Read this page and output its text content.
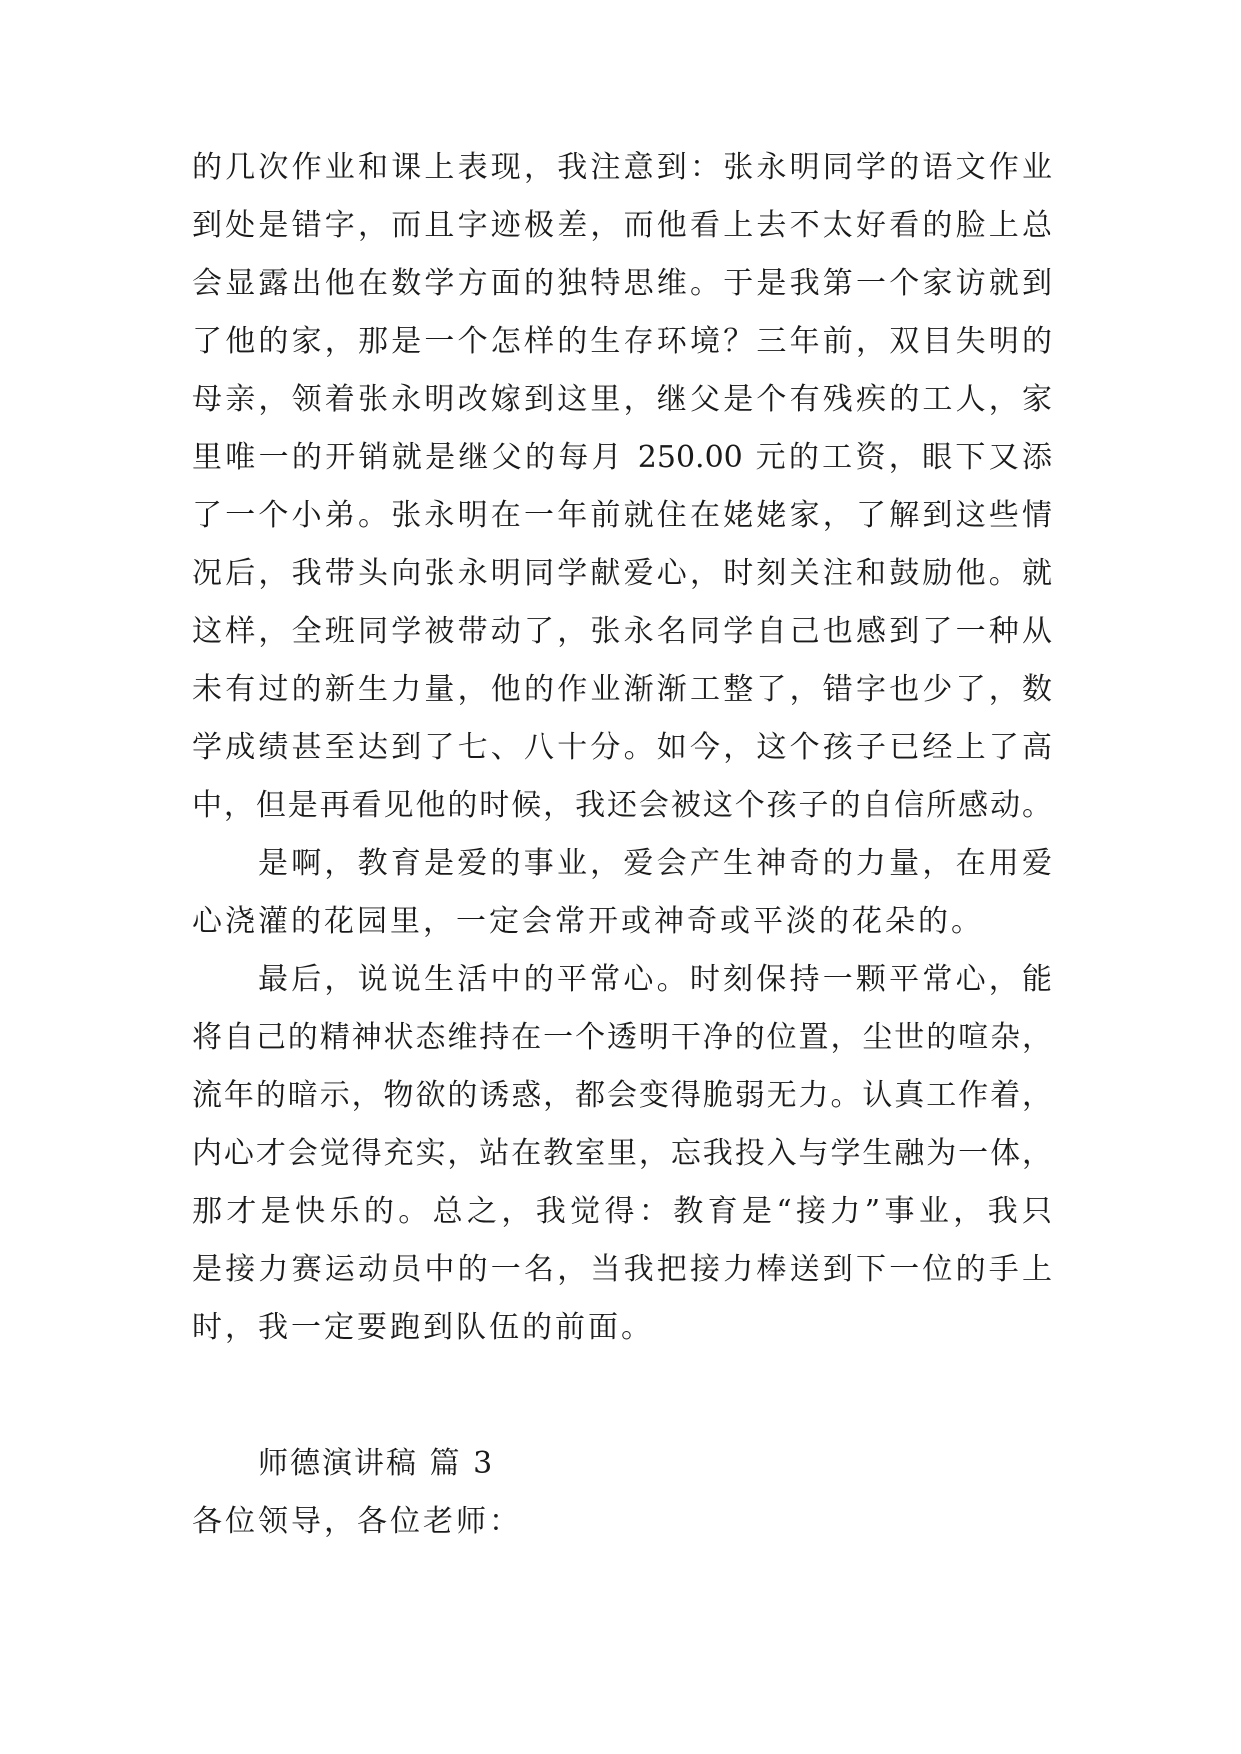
的几次作业和课上表现，我注意到：张永明同学的语文作业
到处是错字，而且字迹极差，而他看上去不太好看的脸上总
会显露出他在数学方面的独特思维。于是我第一个家访就到
了他的家，那是一个怎样的生存环境？三年前，双目失明的
母亲，领着张永明改嫁到这里，继父是个有残疾的工人，家
里唯一的开销就是继父的每月 250.00 元的工资，眼下又添
了一个小弟。张永明在一年前就住在姥姥家，了解到这些情
况后，我带头向张永明同学献爱心，时刻关注和鼓励他。就
这样，全班同学被带动了，张永名同学自己也感到了一种从
未有过的新生力量，他的作业渐渐工整了，错字也少了，数
学成绩甚至达到了七、八十分。如今，这个孩子已经上了高
中，但是再看见他的时候，我还会被这个孩子的自信所感动。
是啊，教育是爱的事业，爱会产生神奇的力量，在用爱
心浇灌的花园里，一定会常开或神奇或平淡的花朵的。
最后，说说生活中的平常心。时刻保持一颗平常心，能
将自己的精神状态维持在一个透明干净的位置，尘世的喧杂，
流年的暗示，物欲的诱惑，都会变得脆弱无力。认真工作着，
内心才会觉得充实，站在教室里，忘我投入与学生融为一体，
那才是快乐的。总之，我觉得：教育是“接力”事业，我只
是接力赛运动员中的一名，当我把接力棒送到下一位的手上
时，我一定要跑到队伍的前面。
师德演讲稿 篇 3
各位领导，各位老师：
